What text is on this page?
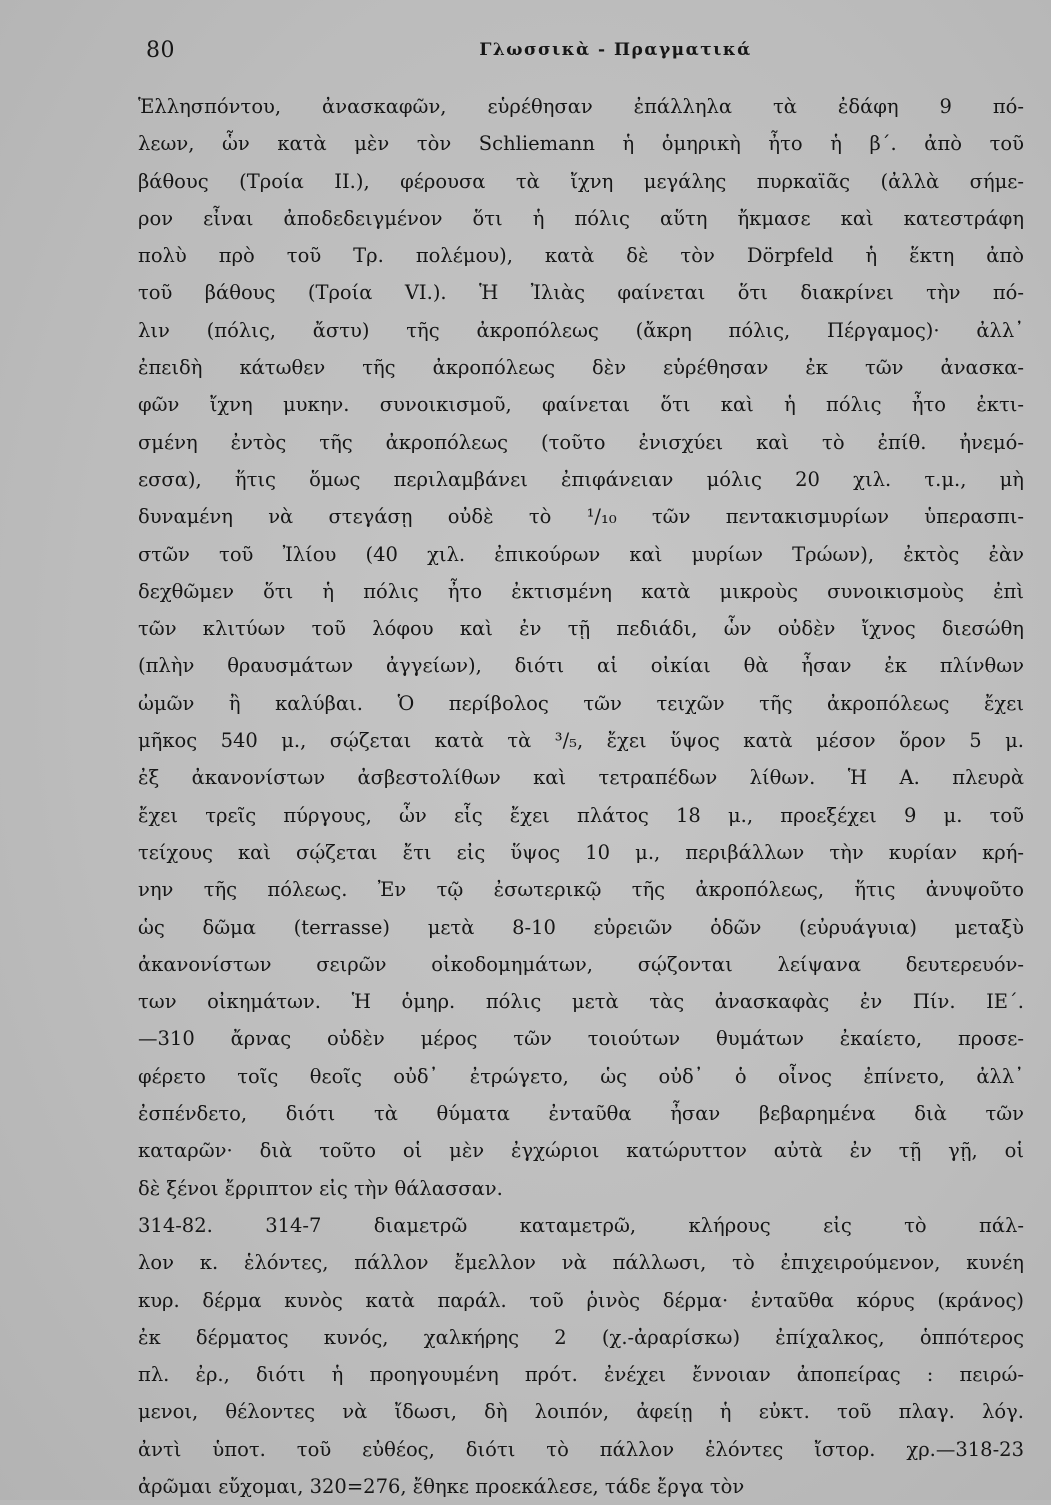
80	Γλωσσικὰ - Πραγματικά
Ἑλλησπόντου, ἀνασκαφῶν, εὑρέθησαν ἐπάλληλα τὰ ἐδάφη 9 πό-
λεων, ὧν κατὰ μὲν τὸν Schliemann ἡ ὁμηρικὴ ἦτο ἡ β΄. ἀπὸ τοῦ
βάθους (Τροία ΙΙ.), φέρουσα τὰ ἴχνη μεγάλης πυρκαϊᾶς (ἀλλὰ σήμε-
ρον εἶναι ἀποδεδειγμένον ὅτι ἡ πόλις αὕτη ἤκμασε καὶ κατεστράφη
πολὺ πρὸ τοῦ Τρ. πολέμου), κατὰ δὲ τὸν Dörpfeld ἡ ἕκτη ἀπὸ
τοῦ βάθους (Τροία VΙ.). Ἡ Ἰλιὰς φαίνεται ὅτι διακρίνει τὴν πό-
λιν (πόλις, ἄστυ) τῆς ἀκροπόλεως (ἄκρη πόλις, Πέργαμος)· ἀλλ᾽
ἐπειδὴ κάτωθεν τῆς ἀκροπόλεως δὲν εὑρέθησαν ἐκ τῶν ἀνασκα-
φῶν ἴχνη μυκην. συνοικισμοῦ, φαίνεται ὅτι καὶ ἡ πόλις ἦτο ἐκτι-
σμένη ἐντὸς τῆς ἀκροπόλεως (τοῦτο ἐνισχύει καὶ τὸ ἐπίθ. ἠνεμό-
εσσα), ἥτις ὅμως περιλαμβάνει ἐπιφάνειαν μόλις 20 χιλ. τ.μ., μὴ
δυναμένη νὰ στεγάσῃ οὐδὲ τὸ ¹/₁₀ τῶν πεντακισμυρίων ὑπερασπι-
στῶν τοῦ Ἰλίου (40 χιλ. ἐπικούρων καὶ μυρίων Τρώων), ἐκτὸς ἐὰν
δεχθῶμεν ὅτι ἡ πόλις ἦτο ἐκτισμένη κατὰ μικροὺς συνοικισμοὺς ἐπὶ
τῶν κλιτύων τοῦ λόφου καὶ ἐν τῇ πεδιάδι, ὧν οὐδὲν ἴχνος διεσώθη
(πλὴν θραυσμάτων ἀγγείων), διότι αἱ οἰκίαι θὰ ἦσαν ἐκ πλίνθων
ὠμῶν ἢ καλύβαι. Ὁ περίβολος τῶν τειχῶν τῆς ἀκροπόλεως ἔχει
μῆκος 540 μ., σῴζεται κατὰ τὰ ³/₅, ἔχει ὕψος κατὰ μέσον ὅρον 5 μ.
ἐξ ἀκανονίστων ἀσβεστολίθων καὶ τετραπέδων λίθων. Ἡ Α. πλευρὰ
ἔχει τρεῖς πύργους, ὧν εἷς ἔχει πλάτος 18 μ., προεξέχει 9 μ. τοῦ
τείχους καὶ σῴζεται ἔτι εἰς ὕψος 10 μ., περιβάλλων τὴν κυρίαν κρή-
νην τῆς πόλεως. Ἐν τῷ ἐσωτερικῷ τῆς ἀκροπόλεως, ἥτις ἀνυψοῦτο
ὡς δῶμα (terrasse) μετὰ 8-10 εὐρειῶν ὁδῶν (εὐρυάγυια) μεταξὺ
ἀκανονίστων σειρῶν οἰκοδομημάτων, σῴζονται λείψανα δευτερευόν-
των οἰκημάτων. Ἡ ὁμηρ. πόλις μετὰ τὰς ἀνασκαφὰς ἐν Πίν. ΙΕ΄.
—310 ἄρνας οὐδὲν μέρος τῶν τοιούτων θυμάτων ἐκαίετο, προσε-
φέρετο τοῖς θεοῖς οὐδ᾽ ἐτρώγετο, ὡς οὐδ᾽ ὁ οἶνος ἐπίνετο, ἀλλ᾽
ἐσπένδετο, διότι τὰ θύματα ἐνταῦθα ἦσαν βεβαρημένα διὰ τῶν
καταρῶν· διὰ τοῦτο οἱ μὲν ἐγχώριοι κατώρυττον αὐτὰ ἐν τῇ γῇ, οἱ
δὲ ξένοι ἔρριπτον εἰς τὴν θάλασσαν.
314-82. 314-7 διαμετρῶ καταμετρῶ, κλήρους εἰς τὸ πάλ-
λον κ. ἑλόντες, πάλλον ἔμελλον νὰ πάλλωσι, τὸ ἐπιχειρούμενον, κυνέη
κυρ. δέρμα κυνὸς κατὰ παράλ. τοῦ ῥινὸς δέρμα· ἐνταῦθα κόρυς (κράνος)
ἐκ δέρματος κυνός, χαλκήρης 2 (χ.-ἀραρίσκω) ἐπίχαλκος, ὁππότερος
πλ. ἐρ., διότι ἡ προηγουμένη πρότ. ἐνέχει ἔννοιαν ἀποπείρας : πειρώ-
μενοι, θέλοντες νὰ ἴδωσι, δὴ λοιπόν, ἀφείῃ ἡ εὐκτ. τοῦ πλαγ. λόγ.
ἀντὶ ὑποτ. τοῦ εὐθέος, διότι τὸ πάλλον ἑλόντες ἴστορ. χρ.—318-23
ἀρῶμαι εὔχομαι, 320=276, ἔθηκε προεκάλεσε, τάδε ἔργα τὸν
